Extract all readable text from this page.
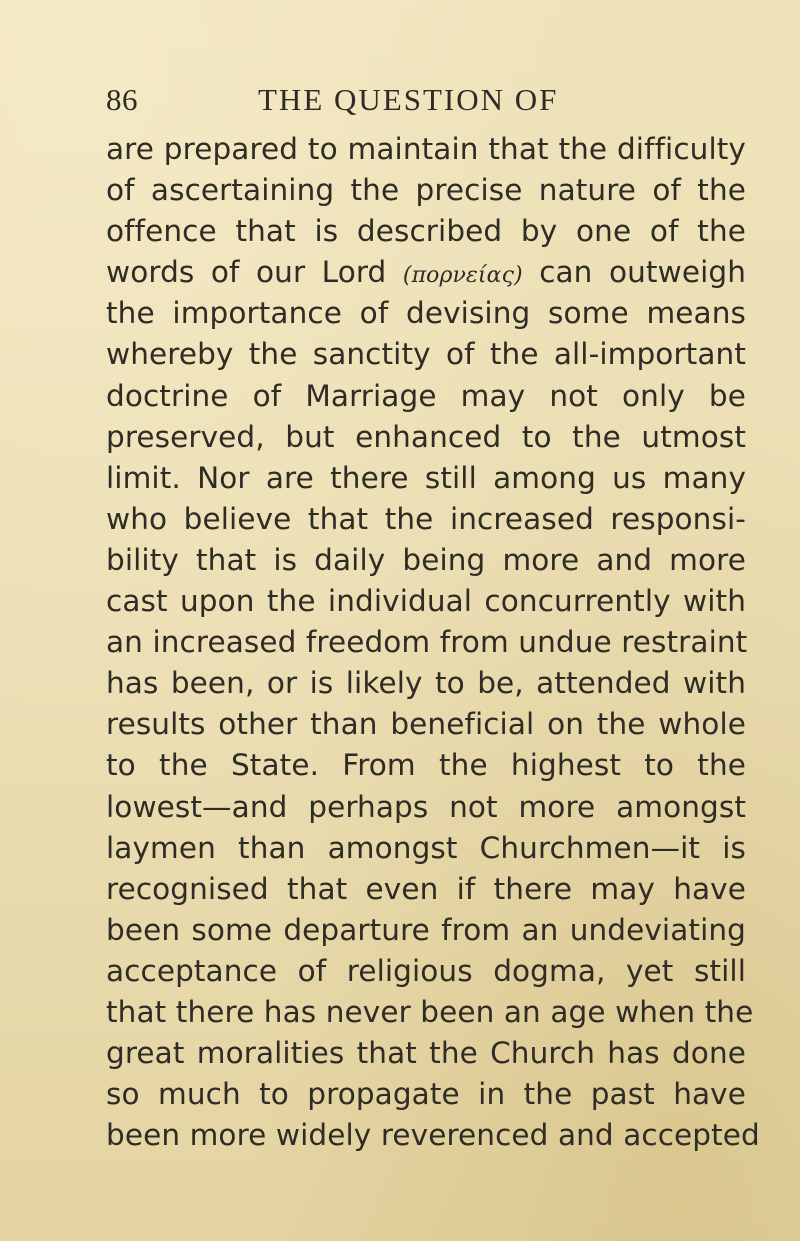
86	THE QUESTION OF
are prepared to maintain that the difficulty
of ascertaining the precise nature of the
offence that is described by one of the
words of our Lord (πορνείας) can outweigh
the importance of devising some means
whereby the sanctity of the all-important
doctrine of Marriage may not only be
preserved, but enhanced to the utmost
limit. Nor are there still among us many
who believe that the increased responsi-
bility that is daily being more and more
cast upon the individual concurrently with
an increased freedom from undue restraint
has been, or is likely to be, attended with
results other than beneficial on the whole
to the State. From the highest to the
lowest—and perhaps not more amongst
laymen than amongst Churchmen—it is
recognised that even if there may have
been some departure from an undeviating
acceptance of religious dogma, yet still
that there has never been an age when the
great moralities that the Church has done
so much to propagate in the past have
been more widely reverenced and accepted
